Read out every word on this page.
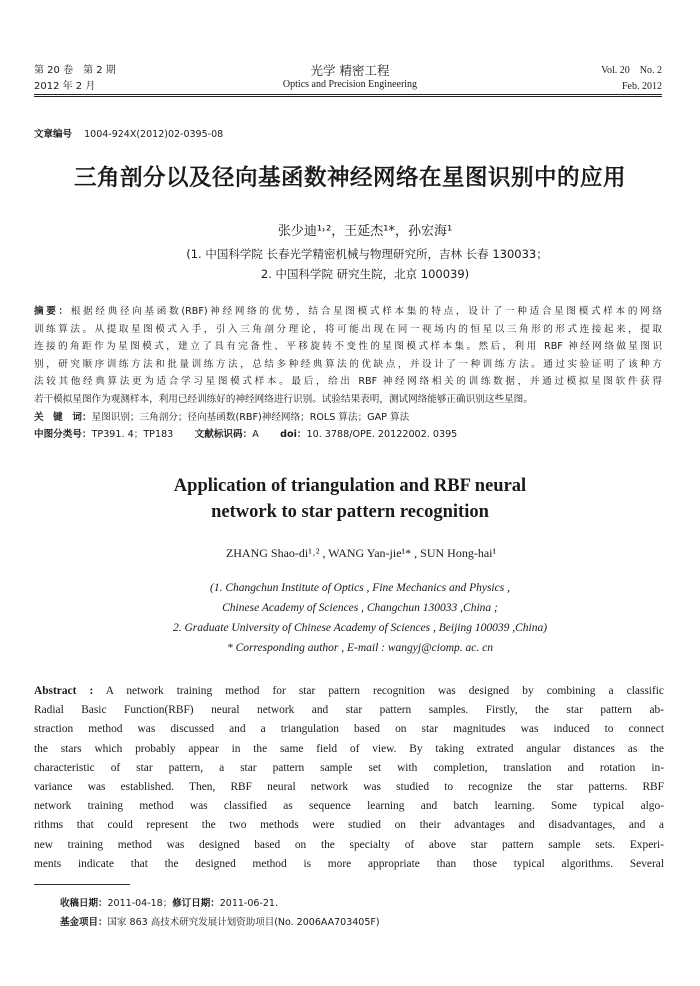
第 20 卷　第 2 期
2012 年 2 月
光学 精密工程
Optics and Precision Engineering
Vol. 20　No. 2
Feb. 2012
文章编号 1004-924X(2012)02-0395-08
三角剖分以及径向基函数神经网络在星图识别中的应用
张少迪¹˒²，王延杰¹*，孙宏海¹
(1. 中国科学院 长春光学精密机械与物理研究所，吉林 长春 130033；
2. 中国科学院 研究生院，北京 100039)
摘要：根据经典径向基函数(RBF)神经网络的优势，结合星图模式样本集的特点，设计了一种适合星图模式样本的网络
训练算法。从提取星图模式入手，引入三角剖分理论，将可能出现在同一视场内的恒星以三角形的形式连接起来，提取
连接的角距作为星图模式，建立了具有完备性、平移旋转不变性的星图模式样本集。然后，利用 RBF 神经网络做星图识
别，研究顺序训练方法和批量训练方法，总结多种经典算法的优缺点，并设计了一种训练方法。通过实验证明了该种方
法较其他经典算法更为适合学习星图模式样本。最后，给出 RBF 神经网络相关的训练数据，并通过模拟星图软件获得
若干模拟星图作为观测样本，利用已经训练好的神经网络进行识别。试验结果表明，测试网络能够正确识别这些星图。
关　键　词：星图识别；三角剖分；径向基函数(RBF)神经网络；ROLS 算法；GAP 算法
中图分类号：TP391. 4；TP183 文献标识码：A doi：10. 3788/OPE. 20122002. 0395
Application of triangulation and RBF neural
network to star pattern recognition
ZHANG Shao-di¹˒² , WANG Yan-jie¹* , SUN Hong-hai¹
(1. Changchun Institute of Optics , Fine Mechanics and Physics ,
Chinese Academy of Sciences , Changchun 130033 ,China ;
2. Graduate University of Chinese Academy of Sciences , Beijing 100039 ,China)
* Corresponding author , E-mail : wangyj@ciomp. ac. cn
Abstract : A network training method for star pattern recognition was designed by combining a classific
Radial Basic Function(RBF) neural network and star pattern samples. Firstly, the star pattern ab-
straction method was discussed and a triangulation based on star magnitudes was induced to connect
the stars which probably appear in the same field of view. By taking extrated angular distances as the
characteristic of star pattern, a star pattern sample set with completion, translation and rotation in-
variance was established. Then, RBF neural network was studied to recognize the star patterns. RBF
network training method was classified as sequence learning and batch learning. Some typical algo-
rithms that could represent the two methods were studied on their advantages and disadvantages, and a
new training method was designed based on the specialty of above star pattern sample sets. Experi-
ments indicate that the designed method is more appropriate than those typical algorithms. Several
收稿日期：2011-04-18；修订日期：2011-06-21.
基金项目：国家 863 高技术研究发展计划资助项目(No. 2006AA703405F)
